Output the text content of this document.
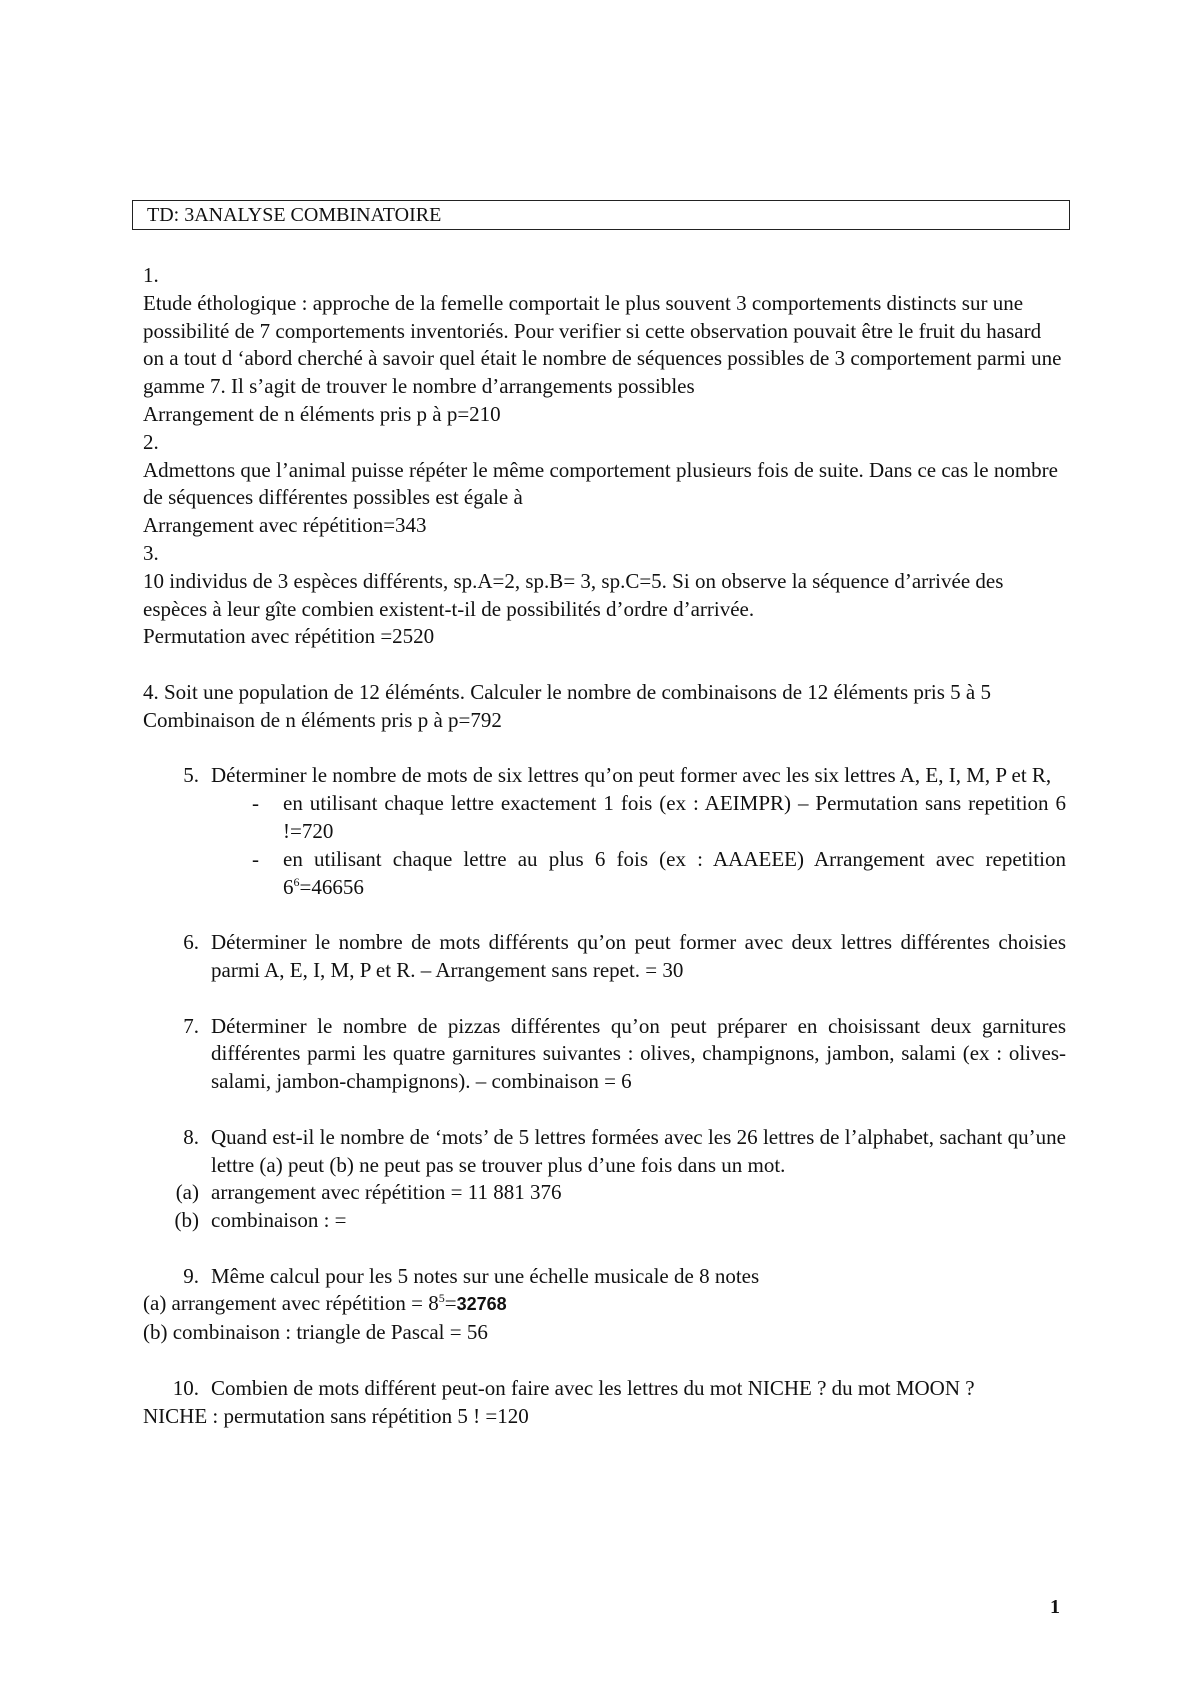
TD: 3ANALYSE COMBINATOIRE

1.

Etude éthologique : approche de la femelle comportait le plus souvent 3 comportements distincts sur une possibilité de 7 comportements inventoriés. Pour verifier si cette observation pouvait être le fruit du hasard on a tout d ‘abord cherché à savoir quel était le nombre de séquences possibles de 3 comportement parmi une gamme 7. Il s’agit de trouver le nombre d’arrangements possibles

Arrangement de n éléments pris p à p=210

2.

Admettons que l’animal puisse répéter le même comportement plusieurs fois de suite. Dans ce cas le nombre de séquences différentes possibles est égale à

Arrangement avec répétition=343

3.

10 individus de 3 espèces différents, sp.A=2, sp.B= 3, sp.C=5. Si on observe la séquence d’arrivée des espèces à leur gîte combien existent-t-il de possibilités d’ordre d’arrivée.

Permutation avec répétition =2520

4. Soit une population de 12 éléménts. Calculer le nombre de combinaisons de 12 éléments pris 5 à 5

Combinaison de n éléments pris p à p=792

5. Déterminer le nombre de mots de six lettres qu’on peut former avec les six lettres A, E, I, M, P et R,
-	en utilisant chaque lettre exactement 1 fois (ex : AEIMPR) – Permutation sans repetition 6 !=720
-	en utilisant chaque lettre au plus 6 fois (ex : AAAEEE) Arrangement avec repetition $6^6=46656$
6. Déterminer le nombre de mots différents qu’on peut former avec deux lettres différentes choisies parmi A, E, I, M, P et R. – Arrangement sans repet. = 30
7. Déterminer le nombre de pizzas différentes qu’on peut préparer en choisissant deux garnitures différentes parmi les quatre garnitures suivantes : olives, champignons, jambon, salami (ex : olives-salami, jambon-champignons). – combinaison = 6
8. Quand est-il le nombre de ‘mots’ de 5 lettres formées avec les 26 lettres de l’alphabet, sachant qu’une lettre (a) peut (b) ne peut pas se trouver plus d’une fois dans un mot.
(a) arrangement avec répétition = 11 881 376
(b) combinaison : =
9. Même calcul pour les 5 notes sur une échelle musicale de 8 notes

(a) arrangement avec répétition = $8^5=32768$

(b) combinaison : triangle de Pascal = 56

10. Combien de mots différent peut-on faire avec les lettres du mot NICHE ? du mot MOON ?

NICHE : permutation sans répétition 5 ! =120

1
